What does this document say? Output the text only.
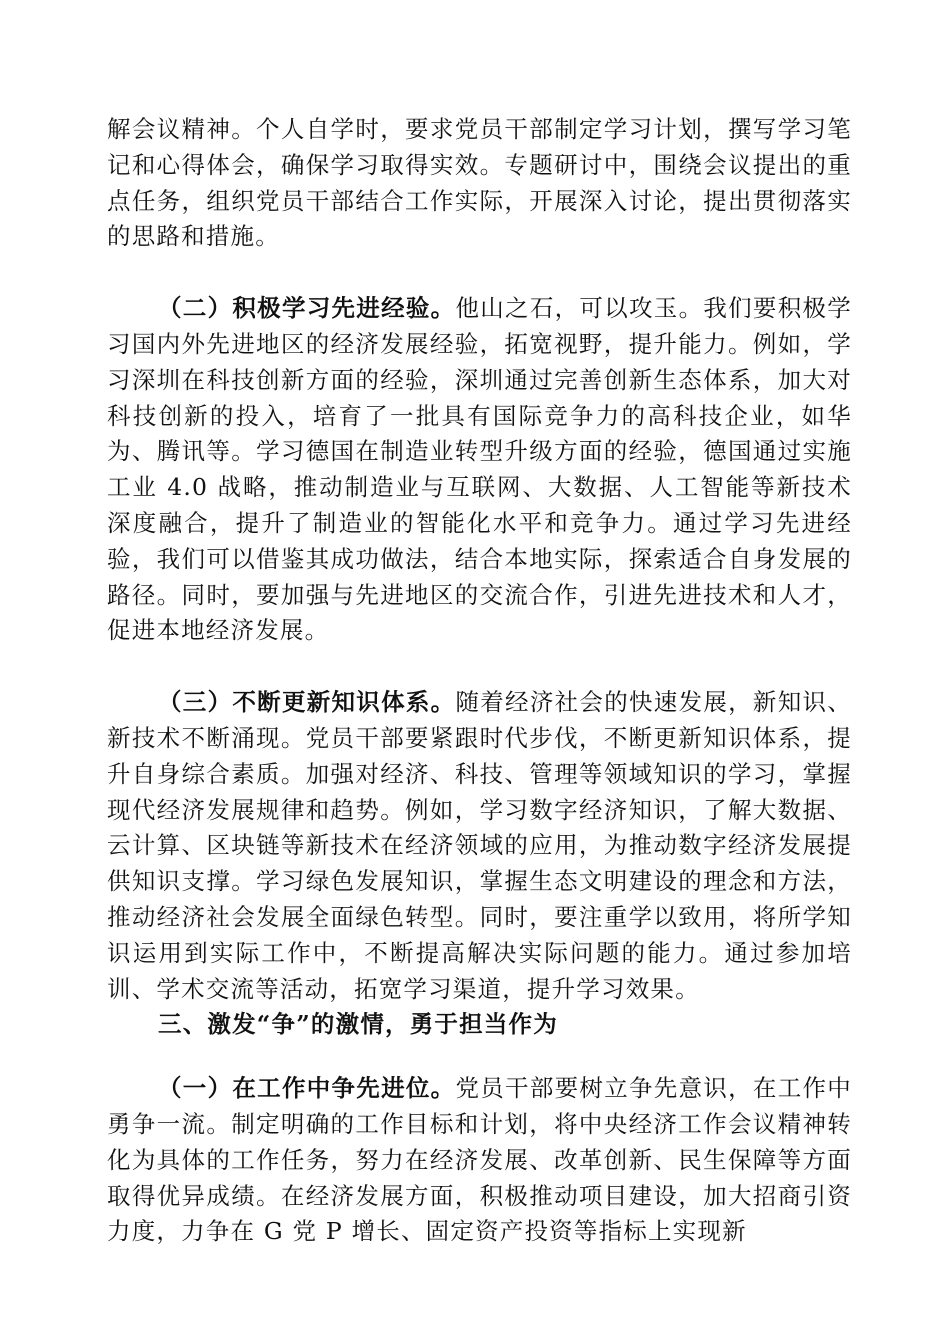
解会议精神。个人自学时，要求党员干部制定学习计划，撰写学习笔记和心得体会，确保学习取得实效。专题研讨中，围绕会议提出的重点任务，组织党员干部结合工作实际，开展深入讨论，提出贯彻落实的思路和措施。

（二）积极学习先进经验。他山之石，可以攻玉。我们要积极学习国内外先进地区的经济发展经验，拓宽视野，提升能力。例如，学习深圳在科技创新方面的经验，深圳通过完善创新生态体系，加大对科技创新的投入，培育了一批具有国际竞争力的高科技企业，如华为、腾讯等。学习德国在制造业转型升级方面的经验，德国通过实施工业 4.0 战略，推动制造业与互联网、大数据、人工智能等新技术深度融合，提升了制造业的智能化水平和竞争力。通过学习先进经验，我们可以借鉴其成功做法，结合本地实际，探索适合自身发展的路径。同时，要加强与先进地区的交流合作，引进先进技术和人才，促进本地经济发展。

（三）不断更新知识体系。随着经济社会的快速发展，新知识、新技术不断涌现。党员干部要紧跟时代步伐，不断更新知识体系，提升自身综合素质。加强对经济、科技、管理等领域知识的学习，掌握现代经济发展规律和趋势。例如，学习数字经济知识，了解大数据、云计算、区块链等新技术在经济领域的应用，为推动数字经济发展提供知识支撑。学习绿色发展知识，掌握生态文明建设的理念和方法，推动经济社会发展全面绿色转型。同时，要注重学以致用，将所学知识运用到实际工作中，不断提高解决实际问题的能力。通过参加培训、学术交流等活动，拓宽学习渠道，提升学习效果。

三、激发“争”的激情，勇于担当作为

（一）在工作中争先进位。党员干部要树立争先意识，在工作中勇争一流。制定明确的工作目标和计划，将中央经济工作会议精神转化为具体的工作任务，努力在经济发展、改革创新、民生保障等方面取得优异成绩。在经济发展方面，积极推动项目建设，加大招商引资力度，力争在 G 党 P 增长、固定资产投资等指标上实现新
